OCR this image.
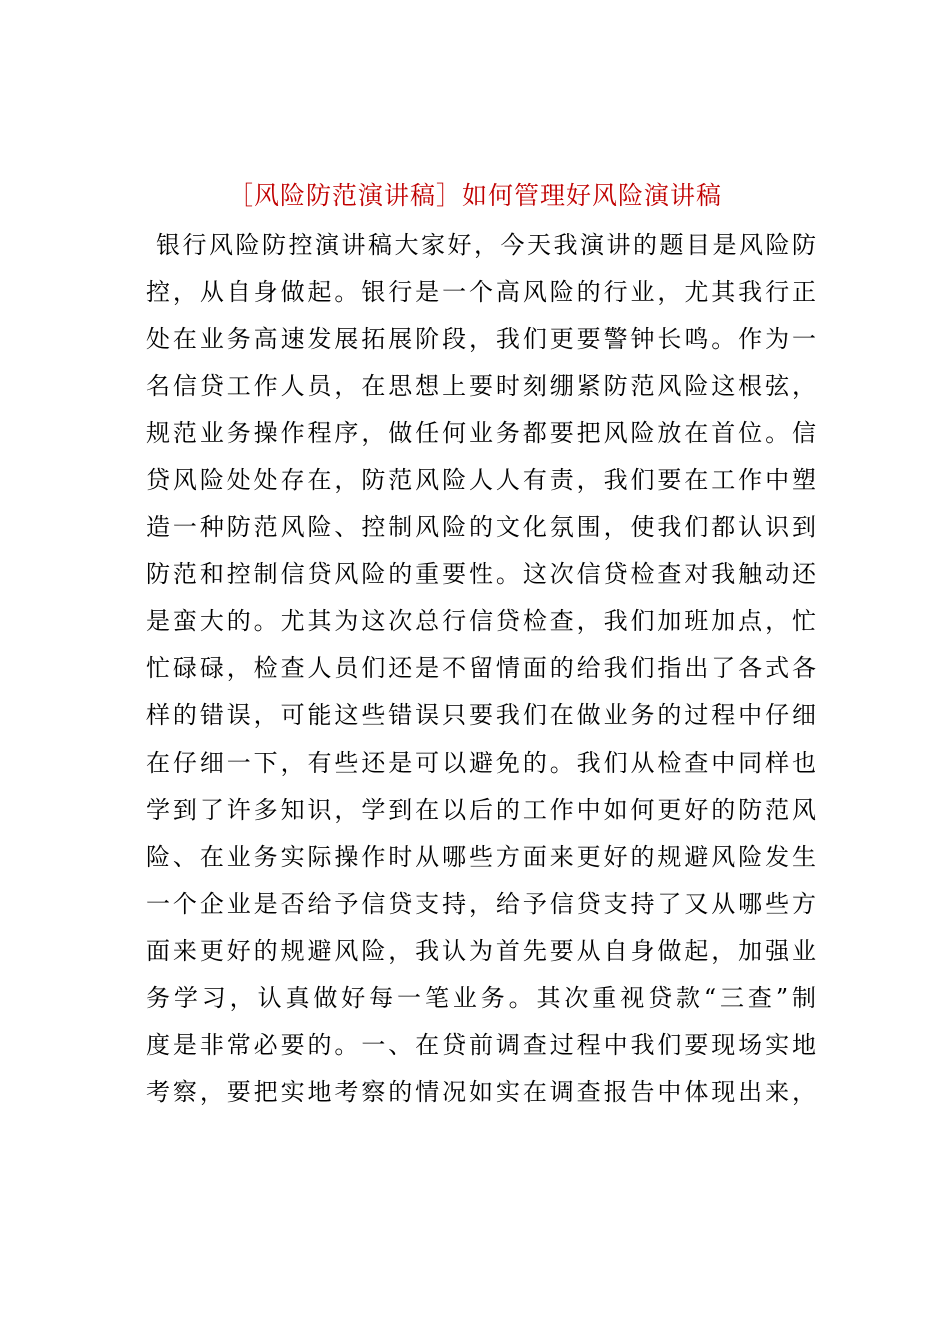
［风险防范演讲稿］如何管理好风险演讲稿
银行风险防控演讲稿大家好，今天我演讲的题目是风险防
控，从自身做起。银行是一个高风险的行业，尤其我行正
处在业务高速发展拓展阶段，我们更要警钟长鸣。作为一
名信贷工作人员，在思想上要时刻绷紧防范风险这根弦，
规范业务操作程序，做任何业务都要把风险放在首位。信
贷风险处处存在，防范风险人人有责，我们要在工作中塑
造一种防范风险、控制风险的文化氛围，使我们都认识到
防范和控制信贷风险的重要性。这次信贷检查对我触动还
是蛮大的。尤其为这次总行信贷检查，我们加班加点，忙
忙碌碌，检查人员们还是不留情面的给我们指出了各式各
样的错误，可能这些错误只要我们在做业务的过程中仔细
在仔细一下，有些还是可以避免的。我们从检查中同样也
学到了许多知识，学到在以后的工作中如何更好的防范风
险、在业务实际操作时从哪些方面来更好的规避风险发生
一个企业是否给予信贷支持，给予信贷支持了又从哪些方
面来更好的规避风险，我认为首先要从自身做起，加强业
务学习，认真做好每一笔业务。其次重视贷款“三查”制
度是非常必要的。一、在贷前调查过程中我们要现场实地
考察，要把实地考察的情况如实在调查报告中体现出来，
